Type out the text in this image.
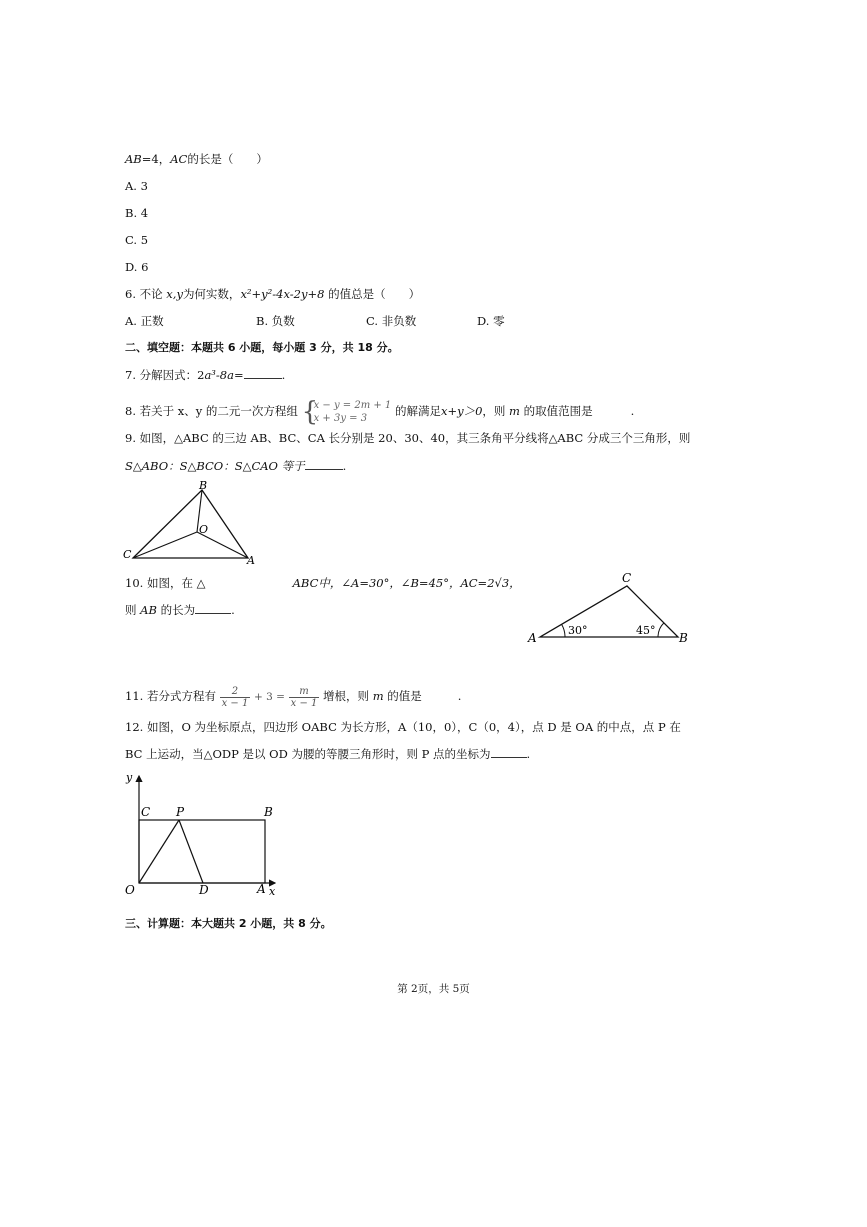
AB=4，AC的长是（　　）
A. 3
B. 4
C. 5
D. 6
6. 不论 x,y为何实数，x²+y²-4x-2y+8 的值总是（　　）
A. 正数	B. 负数	C. 非负数	D. 零
二、填空题：本题共 6 小题，每小题 3 分，共 18 分。
7. 分解因式：2a³-8a=	.
8. 若关于 x、y 的二元一次方程组 {
x − y = 2m + 1
x + 3y = 3
的解满足x+y＞0，则 m 的取值范围是	.
9. 如图，△ABC 的三边 AB、BC、CA 长分别是 20、30、40，其三条角平分线将△ABC 分成三个三角形，则
S△ABO：S△BCO：S△CAO 等于	.
B
C	A
O
10. 如图，在 △	ABC中，∠A=30°，∠B=45°，AC=2√3，
则 AB 的长为	.
C
A	B
30°	45°
11. 若分式方程有 $\frac{2}{x - 1} + 3 = \frac{m}{x - 1}$ 增根，则 m 的值是	.
12. 如图，O 为坐标原点，四边形 OABC 为长方形，A（10，0），C（0，4），点 D 是 OA 的中点，点 P 在
BC 上运动，当△ODP 是以 OD 为腰的等腰三角形时，则 P 点的坐标为	.
y
x
O	A
B
C
D
P
三、计算题：本大题共 2 小题，共 8 分。
第 2页，共 5页
